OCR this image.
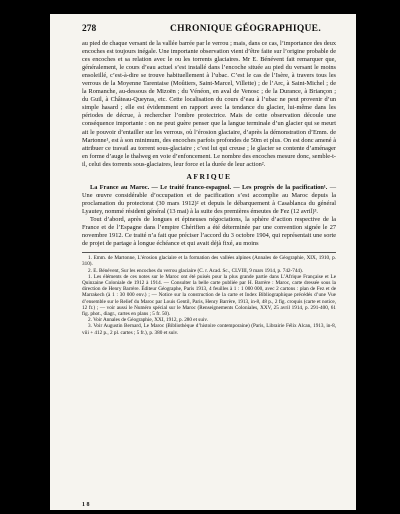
278	CHRONIQUE GÉOGRAPHIQUE.

au pied de chaque versant de la vallée barrée par le verrou ; mais, dans ce cas, l’importance des deux encoches est toujours inégale. Une importante observation vient d’être faite sur l’origine probable de ces encoches et sa relation avec le ou les torrents glaciaires. Mr E. Bénévent fait remarquer que, généralement, le cours d’eau actuel s’est installé dans l’encoche située au pied du versant le moins ensoleillé, c’est-à-dire se trouve habituellement à l’ubac. C’est le cas de l’Isère, à travers tous les verrous de la Moyenne Tarentaise (Moûtiers, Saint-Marcel, Villette) ; de l’Arc, à Saint-Michel ; de la Romanche, au-dessous de Mizoën ; du Vénéon, en aval de Venosc ; de la Durance, à Briançon ; du Guil, à Château-Queyras, etc. Cette localisation du cours d’eau à l’ubac ne peut provenir d’un simple hasard ; elle est évidemment en rapport avec la tendance du glacier, lui-même dans les périodes de décrue, à rechercher l’ombre protectrice. Mais de cette observation découle une conséquence importante : on ne peut guère penser que la langue terminale d’un glacier qui se meurt ait le pouvoir d’entailler sur les verrous, où l’érosion glaciaire, d’après la démonstration d’Emm. de Martonne¹, est à son minimum, des encoches parfois profondes de 50m et plus. On est donc amené à attribuer ce travail au torrent sous-glaciaire ; c’est lui qui creuse ; le glacier se contente d’aménager en forme d’auge le thalweg en voie d’enfoncement. Le nombre des encoches mesure donc, semble-t-il, celui des torrents sous-glaciaires, leur force et la durée de leur action².

AFRIQUE

La France au Maroc. — Le traité franco-espagnol. — Les progrès de la pacification¹. — Une œuvre considérable d’occupation et de pacification s’est accomplie au Maroc depuis la proclamation du protectorat (30 mars 1912)² et depuis le débarquement à Casablanca du général Lyautey, nommé résident général (13 mai) à la suite des premières émeutes de Fez (12 avril)³.

Tout d’abord, après de longues et épineuses négociations, la sphère d’action respective de la France et de l’Espagne dans l’empire Chérifien a été déterminée par une convention signée le 27 novembre 1912. Ce traité n’a fait que préciser l’accord du 3 octobre 1904, qui représentait une sorte de projet de partage à longue échéance et qui avait déjà fixé, au moins

1. Emm. de Martonne, L’érosion glaciaire et la formation des vallées alpines (Annales de Géographie, XIX, 1910, p. 310).

2. E. Bénévent, Sur les encoches du verrou glaciaire (C. r. Acad. Sc., CLVIII, 9 mars 1914, p. 742-744).

1. Les éléments de ces notes sur le Maroc ont été puisés pour la plus grande partie dans L’Afrique Française et Le Quinzaine Coloniale de 1912 à 1914. — Consulter la belle carte publiée par H. Barrère : Maroc, carte dressée sous la direction de Henry Barrère. Éditeur Géographe, Paris 1913, 4 feuilles à 1 : 1 000 000, avec 2 cartons : plan de Fez et de Marrakech (à 1 : 30 000 env.) ; — Notice sur la construction de la carte et Index Bibliographique précédés d’une Vue d’ensemble sur le Relief du Maroc par Louis Gentil, Paris, Henry Barrère, 1913, in-8, 48 p., 2 fig. croquis (carte et notice, 12 fr.) ; — voir aussi le Numéro spécial sur le Maroc (Renseignements Coloniales, XXV, 25 avril 1914, p. 291-400, 61 fig. phot., diagr., cartes en plans ; 5 fr. 50).

2. Voir Annales de Géographie, XXI, 1912, p. 280 et suiv.

3. Voir Augustin Bernard, Le Maroc (Bibliothèque d’histoire contemporaine) (Paris, Librairie Félix Alcan, 1913, in-8, viii + 412 p., 2 pl. cartes ; 5 fr.), p. 380 et suiv.

1 8
